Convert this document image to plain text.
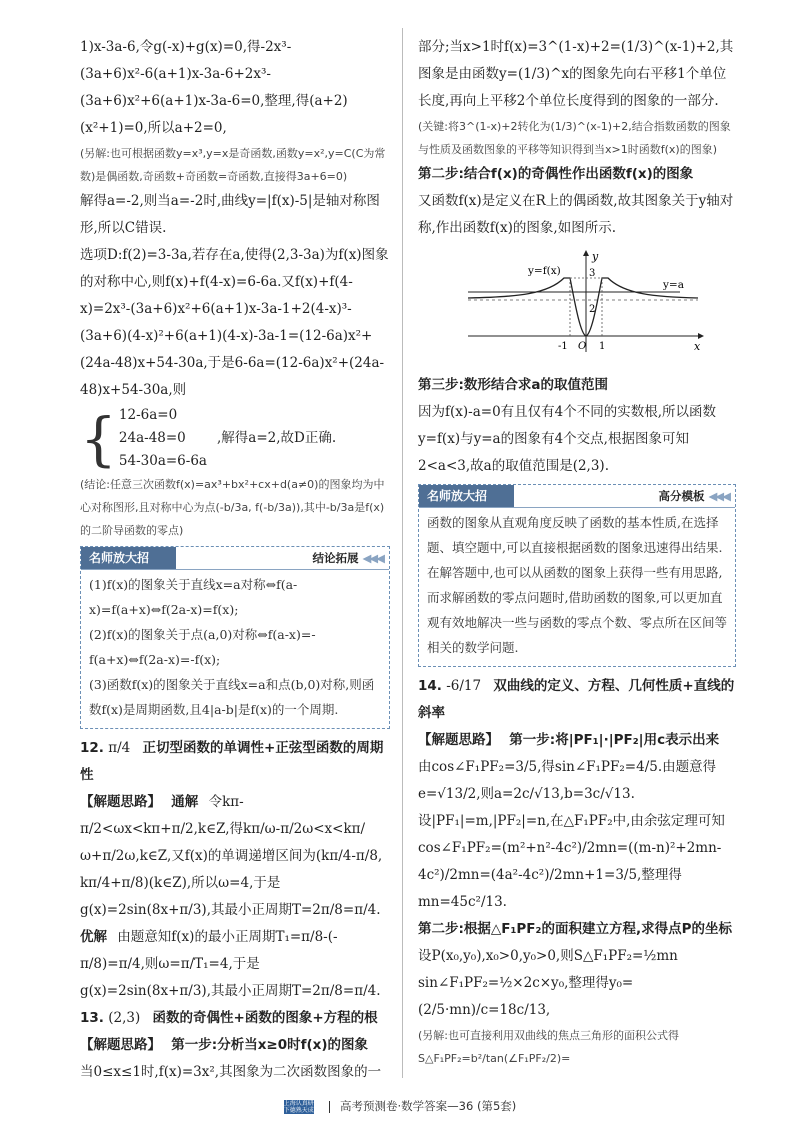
1)x-3a-6,令g(-x)+g(x)=0,得-2x³-(3a+6)x²-6(a+1)x-3a-6+2x³-(3a+6)x²+6(a+1)x-3a-6=0,整理,得(a+2)(x²+1)=0,所以a+2=0,

(另解:也可根据函数y=x³,y=x是奇函数,函数y=x²,y=C(C为常数)是偶函数,奇函数+奇函数=奇函数,直接得3a+6=0)

解得a=-2,则当a=-2时,曲线y=|f(x)-5|是轴对称图形,所以C错误.

选项D:f(2)=3-3a,若存在a,使得(2,3-3a)为f(x)图象的对称中心,则f(x)+f(4-x)=6-6a.又f(x)+f(4-x)=2x³-(3a+6)x²+6(a+1)x-3a-1+2(4-x)³-(3a+6)(4-x)²+6(a+1)(4-x)-3a-1=(12-6a)x²+(24a-48)x+54-30a,于是6-6a=(12-6a)x²+(24a-48)x+54-30a,则

{ 12-6a=0
24a-48=0
54-30a=6-6a
,解得a=2,故D正确.

(结论:任意三次函数f(x)=ax³+bx²+cx+d(a≠0)的图象均为中心对称图形,且对称中心为点(-b/3a, f(-b/3a)),其中-b/3a是f(x)的二阶导函数的零点)

名师放大招	结论拓展 ◀◀◀

(1)f(x)的图象关于直线x=a对称⇔f(a-x)=f(a+x)⇔f(2a-x)=f(x);

(2)f(x)的图象关于点(a,0)对称⇔f(a-x)=-f(a+x)⇔f(2a-x)=-f(x);

(3)函数f(x)的图象关于直线x=a和点(b,0)对称,则函数f(x)是周期函数,且4|a-b|是f(x)的一个周期.

12. π/4 正切型函数的单调性+正弦型函数的周期性

【解题思路】 通解 令kπ-π/2<ωx<kπ+π/2,k∈Z,得kπ/ω-π/2ω<x<kπ/ω+π/2ω,k∈Z,又f(x)的单调递增区间为(kπ/4-π/8, kπ/4+π/8)(k∈Z),所以ω=4,于是g(x)=2sin(8x+π/3),其最小正周期T=2π/8=π/4.

优解 由题意知f(x)的最小正周期T₁=π/8-(-π/8)=π/4,则ω=π/T₁=4,于是g(x)=2sin(8x+π/3),其最小正周期T=2π/8=π/4.

13. (2,3) 函数的奇偶性+函数的图象+方程的根

【解题思路】 第一步:分析当x≥0时f(x)的图象

当0≤x≤1时,f(x)=3x²,其图象为二次函数图象的一

部分;当x>1时f(x)=3^(1-x)+2=(1/3)^(x-1)+2,其图象是由函数y=(1/3)^x的图象先向右平移1个单位长度,再向上平移2个单位长度得到的图象的一部分.

(关键:将3^(1-x)+2转化为(1/3)^(x-1)+2,结合指数函数的图象与性质及函数图象的平移等知识得到当x>1时函数f(x)的图象)

第二步:结合f(x)的奇偶性作出函数f(x)的图象

又函数f(x)是定义在R上的偶函数,故其图象关于y轴对称,作出函数f(x)的图象,如图所示.

y
x
y=f(x)
y=a
3
2
-1 O 1

第三步:数形结合求a的取值范围

因为f(x)-a=0有且仅有4个不同的实数根,所以函数y=f(x)与y=a的图象有4个交点,根据图象可知2<a<3,故a的取值范围是(2,3).

名师放大招	高分模板 ◀◀◀

函数的图象从直观角度反映了函数的基本性质,在选择题、填空题中,可以直接根据函数的图象迅速得出结果.在解答题中,也可以从函数的图象上获得一些有用思路,而求解函数的零点问题时,借助函数的图象,可以更加直观有效地解决一些与函数的零点个数、零点所在区间等相关的数学问题.

14. -6/17 双曲线的定义、方程、几何性质+直线的斜率

【解题思路】 第一步:将|PF₁|·|PF₂|用c表示出来

由cos∠F₁PF₂=3/5,得sin∠F₁PF₂=4/5.由题意得e=√13/2,则a=2c/√13,b=3c/√13.设|PF₁|=m,|PF₂|=n,在△F₁PF₂中,由余弦定理可知cos∠F₁PF₂=(m²+n²-4c²)/2mn=((m-n)²+2mn-4c²)/2mn=(4a²-4c²)/2mn+1=3/5,整理得mn=45c²/13.

第二步:根据△F₁PF₂的面积建立方程,求得点P的坐标

设P(x₀,y₀),x₀>0,y₀>0,则S△F₁PF₂=½mn sin∠F₁PF₂=½×2c×y₀,整理得y₀=(2/5·mn)/c=18c/13,

(另解:也可直接利用双曲线的焦点三角形的面积公式得S△F₁PF₂=b²/tan(∠F₁PF₂/2)=

上海认真研 下德熟天成 高考预测卷·数学答案—36 (第5套)
